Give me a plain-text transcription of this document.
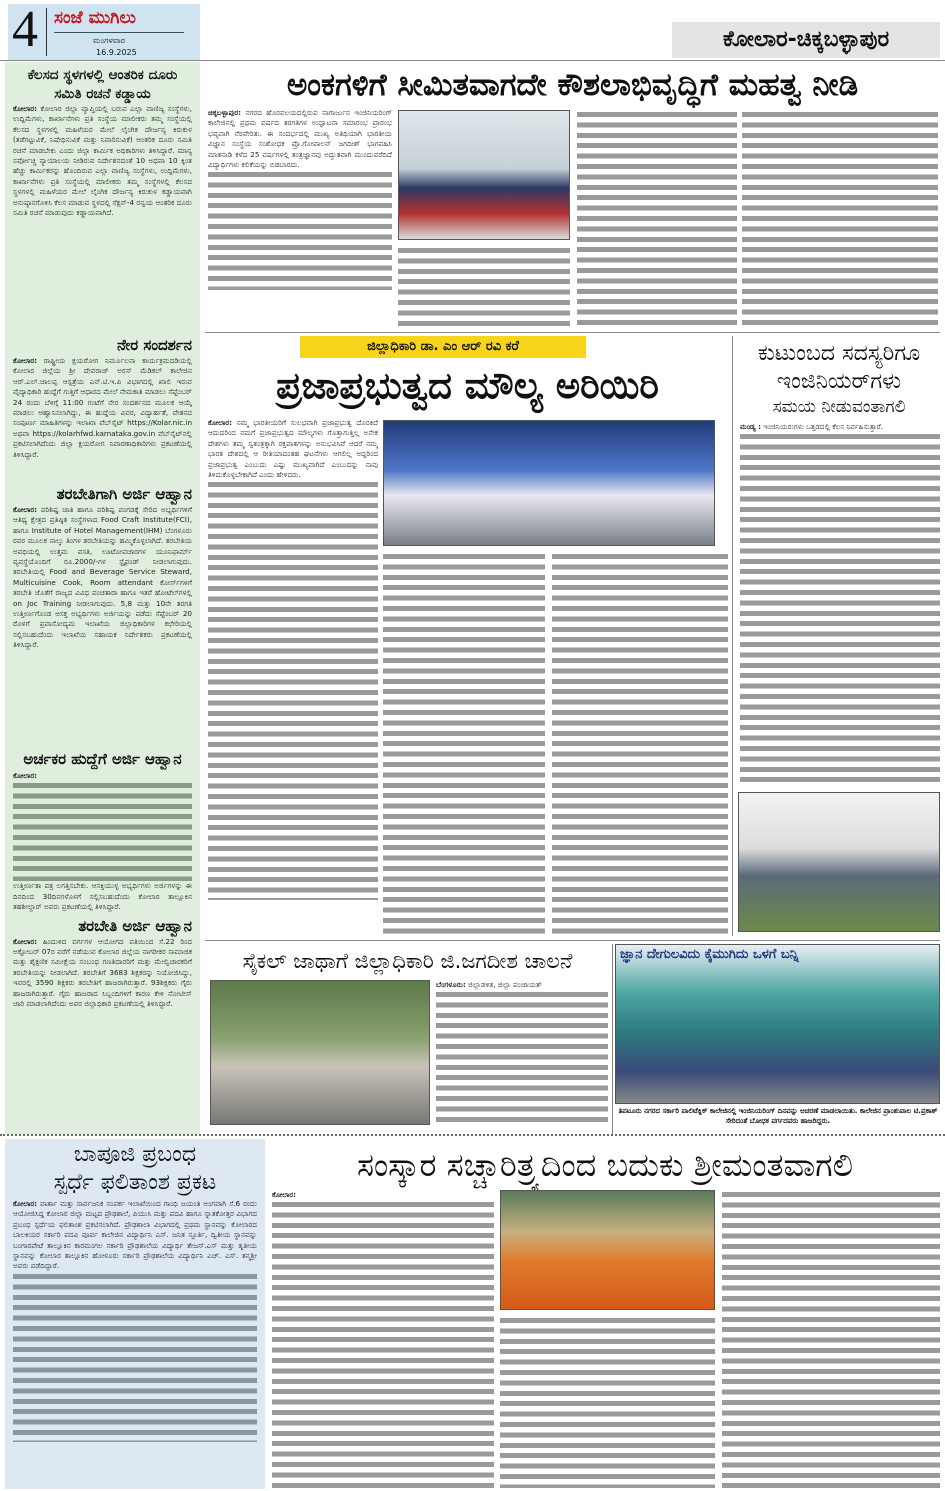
4 ಸಂಜೆ ಮುಗಿಲು
ಮಂಗಳವಾರ
16.9.2025
ಕೋಲಾರ-ಚಿಕ್ಕಬಳ್ಳಾಪುರ
ಕೆಲಸದ ಸ್ಥಳಗಳಲ್ಲಿ ಆಂತರಿಕ ದೂರು ಸಮಿತಿ ರಚನೆ ಕಡ್ಡಾಯ
ಕೋಲಾರ: ಕೋಲಾರ ಜಿಲ್ಲಾ ವ್ಯಾಪ್ತಿಯಲ್ಲಿ ಬರುವ ಎಲ್ಲಾ ವಾಣಿಜ್ಯ ಸಂಸ್ಥೆಗಳು, ಉದ್ದಿಮೆಗಳು, ಕಾರ್ಖಾನೆಗಳು ಪ್ರತಿ ಸಂಸ್ಥೆಯ ಮಾಲೀಕರು ತಮ್ಮ ಸಂಸ್ಥೆಯಲ್ಲಿ ಕೆಲಸದ ಸ್ಥಳಗಳಲ್ಲಿ ಮಹಿಳೆಯರ ಮೇಲೆ ಲೈಂಗಿಕ ದೌರ್ಜನ್ಯ ಕಿರುಕುಳ (ತಡೆಗಟ್ಟುವಿಕೆ, ನಿಷೇಧಿಸುವಿಕೆ ಮತ್ತು ನಿವಾರಿಸುವಿಕೆ) ಆಂತರಿಕ ದೂರು ಸಮಿತಿ ರಚನೆ ಮಾಡಬೇಕು ಎಂದು ಜಿಲ್ಲಾ ಕಾರ್ಮಿಕ ಅಧಿಕಾರಿಗಳು ತಿಳಿಸಿದ್ದಾರೆ. ಮಾನ್ಯ ಸರ್ವೋಚ್ಚ ನ್ಯಾಯಾಲಯ ನೀಡಿರುವ ನಿರ್ದೇಶನದಂತೆ 10 ಅಥವಾ 10 ಕ್ಕಿಂತ ಹೆಚ್ಚು ಕಾರ್ಮಿಕರನ್ನು ಹೊಂದಿರುವ ಎಲ್ಲಾ ವಾಣಿಜ್ಯ ಸಂಸ್ಥೆಗಳು, ಉದ್ದಿಮೆಗಳು, ಕಾರ್ಖಾನೆಗಳು ಪ್ರತಿ ಸಂಸ್ಥೆಯಲ್ಲಿ ಮಾಲೀಕರು ತಮ್ಮ ಸಂಸ್ಥೆಗಳಲ್ಲಿ ಕೆಲಸದ ಸ್ಥಳಗಳಲ್ಲಿ ಮಹಿಳೆಯರ ಮೇಲೆ ಲೈಂಗಿಕ ದೌರ್ಜನ್ಯ ಕಿರುಕುಳ ಕಡ್ಡಾಯವಾಗಿ ಅನುಷ್ಠಾನಗೊಳಿಸಿ ಕೆಲಸ ಮಾಡುವ ಸ್ಥಳದಲ್ಲಿ ಸೆಕ್ಷನ್-4 ರನ್ವಯ ಆಂತರಿಕ ದೂರು ಸಮಿತಿ ರಚನೆ ಮಾಡುವುದು ಕಡ್ಡಾಯವಾಗಿದೆ.
ನೇರ ಸಂದರ್ಶನ
ಕೋಲಾರ: ರಾಷ್ಟ್ರೀಯ ಕ್ಷಯರೋಗ ನಿರ್ಮೂಲನಾ ಕಾರ್ಯಕ್ರಮದಡಿಯಲ್ಲಿ ಕೋಲಾರ ಜಿಲ್ಲೆಯ ಶ್ರೀ ದೇವರಾಜ್ ಅರಸ್ ಮೆಡಿಕಲ್ ಕಾಲೇಜಿನ ಆರ್.ಎಲ್.ಜಾಲಪ್ಪ ಆಸ್ಪತ್ರೆಯ ಎನ್.ಟಿ.ಇ.ಪಿ ವಿಭಾಗದಲ್ಲಿ ಖಾಲಿ ಇರುವ ವೈದ್ಯಾಧಿಕಾರಿ ಹುದ್ದೆಗೆ ಗುತ್ತಿಗೆ ಆಧಾರದ ಮೇಲೆ ನೇಮಕಾತಿ ಮಾಡಲು ಸೆಪ್ಟೆಂಬರ್ 24 ರಂದು ಬೆಳಿಗ್ಗೆ 11:00 ಗಂಟೆಗೆ ನೇರ ಸಂದರ್ಶನದ ಮೂಲಕ ಆಯ್ಕೆ ಮಾಡಲು ಆಹ್ವಾನಿಸಲಾಗಿದ್ದು, ಈ ಹುದ್ದೆಯ ವಿವರ, ವಿದ್ಯಾರ್ಹತೆ, ವೇತನದ ಸಂಪೂರ್ಣ ಮಾಹಿತಿಗಳನ್ನು ಇಲಾಖಾ ವೆಬ್‌ಸೈಟ್ https://Kolar.nic.in ಅಥವಾ https://kolarhfwd.karnataka.gov.in ವೆಬ್‌ಸೈಟ್‌ನಲ್ಲಿ ಪ್ರಕಟಿಸಲಾಗಿದೆಂದು ಜಿಲ್ಲಾ ಕ್ಷಯರೋಗ ನಿವಾರಣಾಧಿಕಾರಿಗಳು ಪ್ರಕಟಣೆಯಲ್ಲಿ ತಿಳಿಸಿದ್ದಾರೆ.
ತರಬೇತಿಗಾಗಿ ಅರ್ಜಿ ಆಹ್ವಾನ
ಕೋಲಾರ: ಪರಿಶಿಷ್ಟ ಜಾತಿ ಹಾಗೂ ಪರಿಶಿಷ್ಟ ಪಂಗಡಕ್ಕೆ ಸೇರಿದ ಅಭ್ಯರ್ಥಿಗಳಿಗೆ ಆತಿಥ್ಯ ಕ್ಷೇತ್ರದ ಪ್ರತಿಷ್ಠಿತ ಸಂಸ್ಥೆಗಳಾದ Food Craft Institute(FCI), ಹಾಗೂ Institute of Hotel Management(IHM) ಬೆಂಗಳೂರು ರವರ ಮೂಲಕ ನಾಲ್ಕು ತಿಂಗಳ ತರಬೇತಿಯನ್ನು ಹಮ್ಮಿಕೊಳ್ಳಲಾಗಿದೆ. ತರಬೇತಿಯ ಅವಧಿಯಲ್ಲಿ ಉತ್ತಮ ವಸತಿ, ಊಟೋಪಚಾರಗಳ ಯೂನಿಫಾರ್ಮ್ ವ್ಯವಸ್ಥೆಯೊಂದಿಗೆ ರೂ.2000/-ಗಳ ಸ್ಟೈಫಂಡ್ ನೀಡಲಾಗುವುದು. ತರಬೇತಿಯಲ್ಲಿ Food and Beverage Service Steward, Multicuisine Cook, Room attendant ಕೋರ್ಸ್‌ಗಳಿಗೆ ತರಬೇತಿ ಜೊತೆಗೆ ರಾಜ್ಯದ ವಿವಿಧ ಪಂಚತಾರಾ ಹಾಗೂ ಇತರೆ ಹೋಟೆಲ್‌ಗಳಲ್ಲಿ on Joc Training ನೀಡಲಾಗುವುದು. 5,8 ಮತ್ತು 10ನೇ ತರಗತಿ ಉತ್ತೀರ್ಣಗೊಂಡ ಆಸಕ್ತ ಅಭ್ಯರ್ಥಿಗಳು ಅರ್ಜಿಯನ್ನು ಪಡೆದು ಸೆಪ್ಟೆಂಬರ್ 20 ರೊಳಗೆ ಪ್ರವಾಸೋದ್ಯಮ ಇಲಾಖೆಯ ಜಿಲ್ಲಾಧಿಕಾರಿಗಳ ಕಛೇರಿಯಲ್ಲಿ ಸಲ್ಲಿಸಬಹುದೆಂದು ಇಲಾಖೆಯ ಸಹಾಯಕ ನಿರ್ದೇಶಕರು ಪ್ರಕಟಣೆಯಲ್ಲಿ ತಿಳಿಸಿದ್ದಾರೆ.
ಅರ್ಚಕರ ಹುದ್ದೆಗೆ ಅರ್ಜಿ ಆಹ್ವಾನ
ಕೋಲಾರ:
ಉತ್ತೀರ್ಣತಾ ಪತ್ರ ಲಗತ್ತಿಸಬೇಕು. ಆಸಕ್ತಿಯುಳ್ಳ ಅಭ್ಯರ್ಥಿಗಳು ಅರ್ಜಿಗಳನ್ನು ಈ ದಿನದಿಂದ 30ದಿನಗಳೊಳಗೆ ಸಲ್ಲಿಸಬಹುದೆಂದು ಕೋಲಾರ ತಾಲ್ಲೂಕಿನ ತಹಶೀಲ್ದಾರ್ ಅವರು ಪ್ರಕಟಣೆಯಲ್ಲಿ ತಿಳಿಸಿದ್ದಾರೆ.
ತರಬೇತಿ ಅರ್ಜಿ ಆಹ್ವಾನ
ಕೋಲಾರ: ಹಿಂದುಳಿದ ವರ್ಗಗಳ ಆಯೋಗದ ವತಿಯಿಂದ ಸೆ.22 ರಿಂದ ಅಕ್ಟೋಬರ್ 07ರ ವರೆಗೆ ನಡೆಯುವ ಕೋಲಾರ ಜಿಲ್ಲೆಯ ನಾಗರೀಕರ ಸಾಮಾಜಿಕ ಮತ್ತು ಶೈಕ್ಷಣಿಕ ಸಮೀಕ್ಷೆಯ ಸಂಬಂಧ ಗಣತಿದಾರರಿಗೆ ಮತ್ತು ಮೇಲ್ವಿಚಾರಕರಿಗೆ ತರಬೇತಿಯನ್ನು ನೀಡಲಾಗಿದೆ. ತರಬೇತಿಗೆ 3683 ಶಿಕ್ಷಕರನ್ನು ನಿಯೋಜಿಸಿದ್ದು, ಇವರಲ್ಲಿ 3590 ಶಿಕ್ಷಕರು ತರಬೇತಿಗೆ ಹಾಜರಾಗಿರುತ್ತಾರೆ. 93ಶಿಕ್ಷಕರು ಗೈರು ಹಾಜರಾಗಿರುತ್ತಾರೆ. ಗೈರು ಹಾಜರಾದ ಸಿಬ್ಬಂದಿಗಳಿಗೆ ಕಾರಣ ಕೇಳಿ ನೋಟೀಸ್ ಜಾರಿ ಮಾಡಲಾಗಿದೆಂದು ಅಪರ ಜಿಲ್ಲಾಧಿಕಾರಿ ಪ್ರಕಟಣೆಯಲ್ಲಿ ತಿಳಿಸಿದ್ದಾರೆ.
ಅಂಕಗಳಿಗೆ ಸೀಮಿತವಾಗದೇ ಕೌಶಲಾಭಿವೃದ್ಧಿಗೆ ಮಹತ್ವ ನೀಡಿ
ಚಿಕ್ಕಬಳ್ಳಾಪುರ: ನಗರದ ಹೊರವಲಯದಲ್ಲಿರುವ ನಾಗಾರ್ಜುನ ಇಂಜಿನಿಯರಿಂಗ್ ಕಾಲೇಜಿನಲ್ಲಿ ಪ್ರಥಮ ವರ್ಷದ ತರಗತಿಗಳ ಉದ್ಘಾಟನಾ ಸಮಾರಂಭ ಪ್ರಾರಂಭ ಭವ್ಯವಾಗಿ ನೆರವೇರಿತು. ಈ ಸಂದರ್ಭದಲ್ಲಿ ಮುಖ್ಯ ಅತಿಥಿಯಾಗಿ ಭಾರತೀಯ ವಿಜ್ಞಾನ ಸಂಸ್ಥೆಯ ಸಂಶೋಧಕ ಪ್ರೊ.ಗೋಪಾಲನ್ ಜಗದೀಶ್ ಭಾಗವಹಿಸಿ ಮಾತನಾಡಿ ಕಳೆದ 25 ವರ್ಷಗಳಲ್ಲಿ ತಂತ್ರಜ್ಞಾನವು ಅದ್ಭುತವಾಗಿ ಮುಂದುವರೆದಿದೆ ವಿದ್ಯಾರ್ಥಿಗಳು ಕಲಿಕೆಯನ್ನು ಬಿಡಬಾರದು.
ಜಿಲ್ಲಾಧಿಕಾರಿ ಡಾ. ಎಂ ಆರ್ ರವಿ ಕರೆ
ಪ್ರಜಾಪ್ರಭುತ್ವದ ಮೌಲ್ಯ ಅರಿಯಿರಿ
ಕೋಲಾರ: ನಮ್ಮ ಭಾರತೀಯರಿಗೆ ಸುಲಭವಾಗಿ ಪ್ರಜಾಪ್ರಭುತ್ವ ದೊರಕಿದೆ ಆದುದರಿಂದ ನಮಗೆ ಪ್ರಜಾಪ್ರಭುತ್ವದ ಮೌಲ್ಯಗಳು ಗೊತ್ತಾಗುತ್ತಿಲ್ಲ ಅನೇಕ ದೇಶಗಳು ತಮ್ಮ ಸ್ವತಂತ್ರಕ್ಕಾಗಿ ರಕ್ತಪಾತಗಳನ್ನು ಅನುಭವಿಸಿವೆ ಆದರೆ ನಮ್ಮ ಭಾರತ ದೇಶದಲ್ಲಿ ಆ ರೀತಿಯಾದಂತಹ ಘಟನೆಗಳು ಆಗಲಿಲ್ಲ ಆದ್ದರಿಂದ ಪ್ರಜಾಪ್ರಭುತ್ವ ಎಂಬುದು ಎಷ್ಟು ಮುಖ್ಯವಾಗಿದೆ ಎಂಬುದನ್ನು ನಾವು ತಿಳಿದುಕೊಳ್ಳಬೇಕಾಗಿದೆ ಎಂದು ಹೇಳಿದರು.
ಕುಟುಂಬದ ಸದಸ್ಯರಿಗೂ
ಇಂಜಿನಿಯರ್‌ಗಳು
ಸಮಯ ನೀಡುವಂತಾಗಲಿ
ಮಂಡ್ಯ : ಇಂಜಿನಿಯರುಗಳು ಒತ್ತಡದಲ್ಲಿ ಕೆಲಸ ನಿರ್ವಹಿಸುತ್ತಾರೆ.
ಸೈಕಲ್ ಜಾಥಾಗೆ ಜಿಲ್ಲಾಧಿಕಾರಿ ಜಿ.ಜಗದೀಶ ಚಾಲನೆ
ಬೆಂಗಳೂರು: ಜಿಲ್ಲಾಡಳಿತ, ಜಿಲ್ಲಾ ಪಂಚಾಯತ್
ಜ್ಞಾನ ದೇಗುಲವಿದು ಕೈಮುಗಿದು ಒಳಗೆ ಬನ್ನಿ
ತಿಪಟೂರು ನಗರದ ಸರ್ಕಾರಿ ಪಾಲಿಟೆಕ್ನಿಕ್ ಕಾಲೇಜಿನಲ್ಲಿ ಇಂಜಿನಿಯರಿಂಗ್ ದಿನವನ್ನು ಆಚರಣೆ ಮಾಡಲಾಯಿತು. ಕಾಲೇಜಿನ ಪ್ರಾಂಶುಪಾಲ ಟಿ.ಪ್ರಕಾಶ್ ಸೇರಿದಂತೆ ಬೋಧಕ ವರ್ಗದವರು ಹಾಜರಿದ್ದರು.
ಬಾಪೂಜಿ ಪ್ರಬಂಧ
ಸ್ಪರ್ಧೆ ಫಲಿತಾಂಶ ಪ್ರಕಟ
ಕೋಲಾರ: ವಾರ್ತಾ ಮತ್ತು ಸಾರ್ವಜನಿಕ ಸಂಪರ್ಕ ಇಲಾಖೆಯಿಂದ ಗಾಂಧಿ ಜಯಂತಿ ಅಂಗವಾಗಿ ಸೆ.6 ರಂದು ಆಯೋಜಿಸಿದ್ದ ಕೋಲಾರ ಜಿಲ್ಲಾ ಮಟ್ಟದ ಪ್ರೌಢಶಾಲೆ, ಪಿಯುಸಿ ಮತ್ತು ಪದವಿ ಹಾಗೂ ಸ್ನಾತಕೋತ್ತರ ವಿಭಾಗದ ಪ್ರಬಂಧ ಸ್ಪರ್ಧೆಯ ಫಲಿತಾಂಶ ಪ್ರಕಟಿಸಲಾಗಿದೆ. ಪ್ರೌಢಶಾಲಾ ವಿಭಾಗದಲ್ಲಿ ಪ್ರಥಮ ಸ್ಥಾನವನ್ನು ಕೋಲಾರದ ಬಾಲಕಿಯರ ಸರ್ಕಾರಿ ಪದವಿ ಪೂರ್ವ ಕಾಲೇಜಿನ ವಿದ್ಯಾರ್ಥಿನಿ ಎಸ್. ಜನಿತ ಸ್ಫೂರ್ತಿ, ದ್ವಿತೀಯ ಸ್ಥಾನವನ್ನು ಬಂಗಾರಪೇಟೆ ತಾಲ್ಲೂಕಿನ ಕಾರಮಂಗಲ ಸರ್ಕಾರಿ ಪ್ರೌಢಶಾಲೆಯ ವಿದ್ಯಾರ್ಥಿ ತೇಜಸ್.ಎಸ್ ಮತ್ತು ತೃತೀಯ ಸ್ಥಾನವನ್ನು ಕೋಲಾರ ತಾಲ್ಲೂಕಿನ ಹೋಳೂರು ಸರ್ಕಾರಿ ಪ್ರೌಢಶಾಲೆಯ ವಿದ್ಯಾರ್ಥಿನಿ ಎಚ್. ಎಸ್. ತನ್ಮಶ್ರೀ ಅವರು ಪಡೆದಿದ್ದಾರೆ.
ಸಂಸ್ಕಾರ ಸಚ್ಚಾರಿತ್ರ್ಯದಿಂದ ಬದುಕು ಶ್ರೀಮಂತವಾಗಲಿ
ಕೋಲಾರ:
